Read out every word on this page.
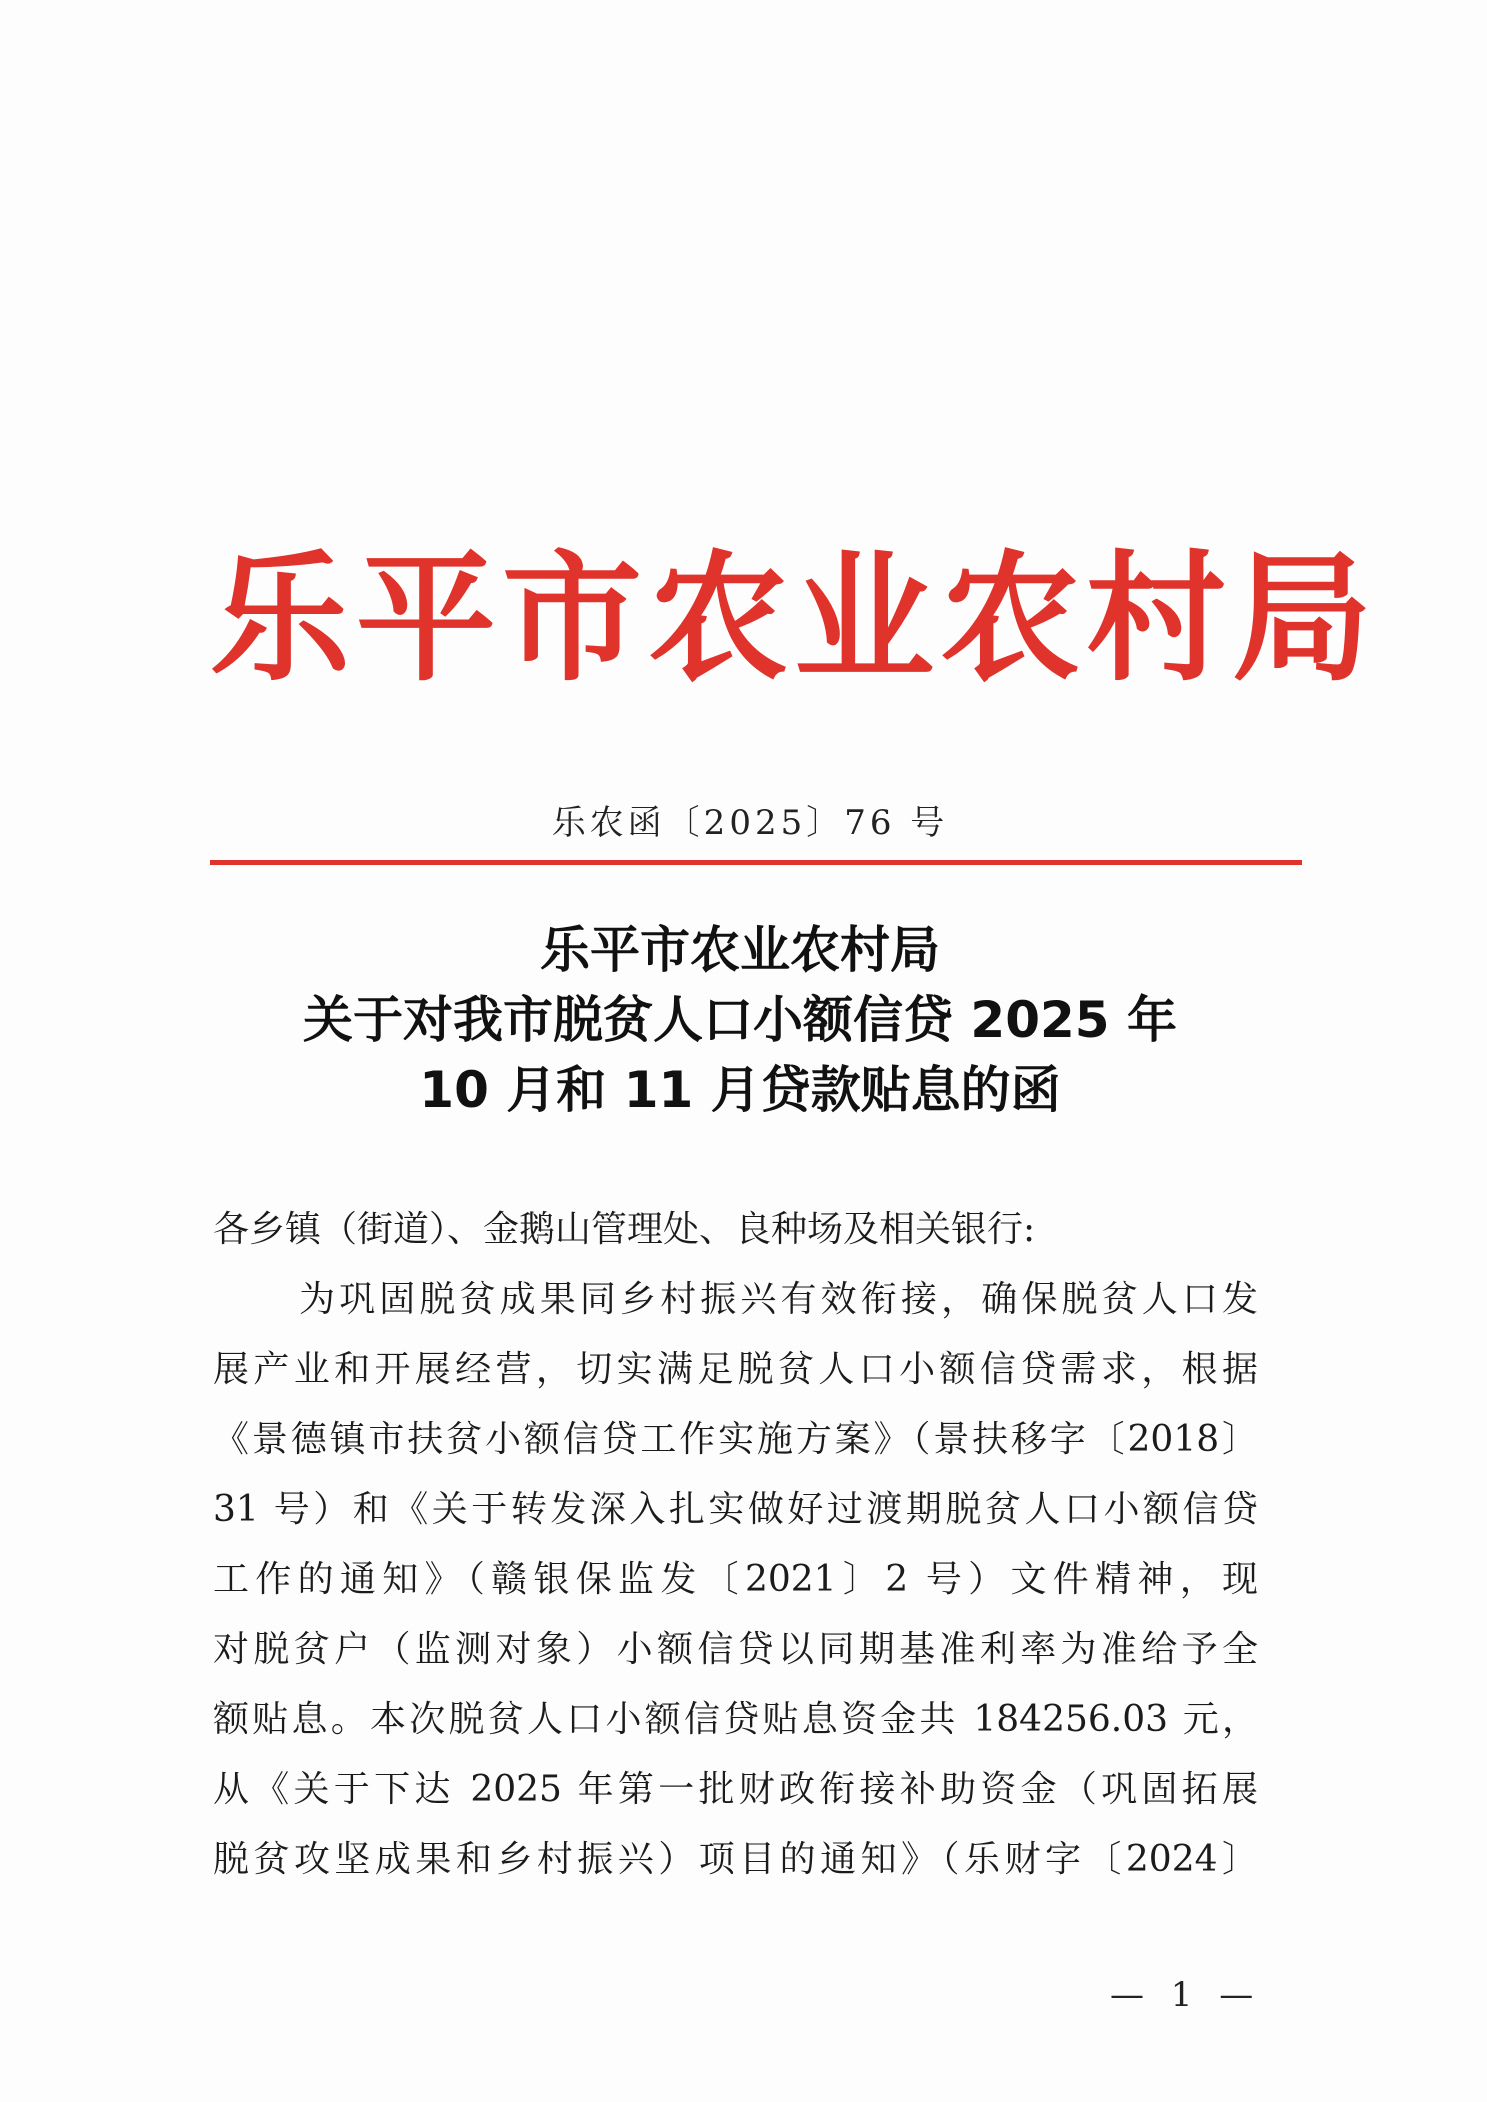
乐平市农业农村局
乐农函〔2025〕76 号
乐平市农业农村局
关于对我市脱贫人口小额信贷 2025 年
10 月和 11 月贷款贴息的函
各乡镇（街道）、金鹅山管理处、良种场及相关银行:
为巩固脱贫成果同乡村振兴有效衔接，确保脱贫人口发
展产业和开展经营，切实满足脱贫人口小额信贷需求，根据
《景德镇市扶贫小额信贷工作实施方案》（景扶移字〔2018〕
31 号）和《关于转发深入扎实做好过渡期脱贫人口小额信贷
工作的通知》（赣银保监发〔2021〕2 号）文件精神，现
对脱贫户（监测对象）小额信贷以同期基准利率为准给予全
额贴息。本次脱贫人口小额信贷贴息资金共 184256.03 元，
从《关于下达 2025 年第一批财政衔接补助资金（巩固拓展
脱贫攻坚成果和乡村振兴）项目的通知》（乐财字〔2024〕
— 1 —
